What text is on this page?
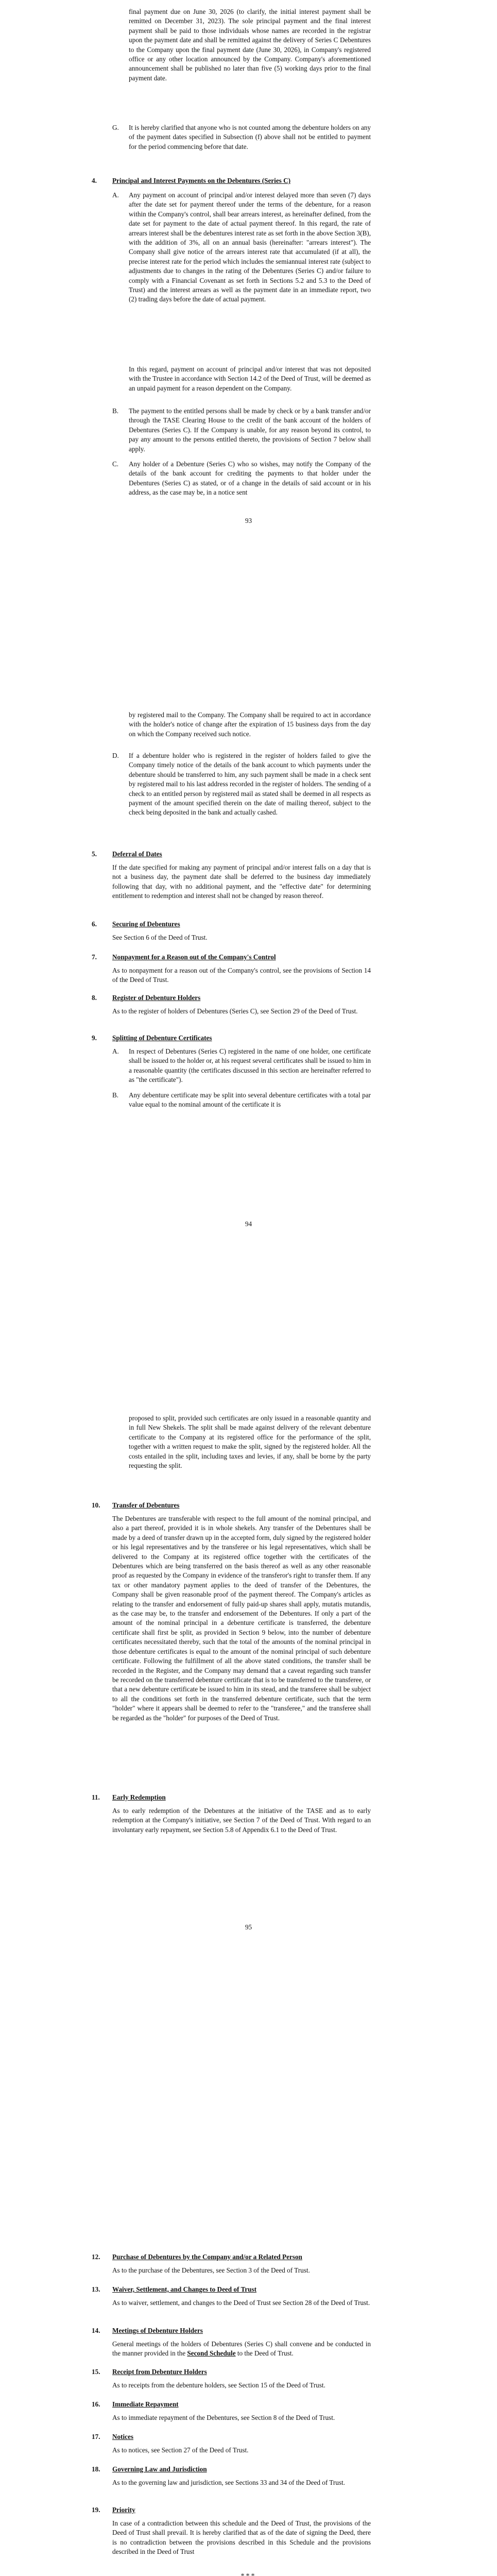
final payment due on June 30, 2026 (to clarify, the initial interest payment shall be remitted on December 31, 2023). The sole principal payment and the final interest payment shall be paid to those individuals whose names are recorded in the registrar upon the payment date and shall be remitted against the delivery of Series C Debentures to the Company upon the final payment date (June 30, 2026), in Company's registered office or any other location announced by the Company. Company's aforementioned announcement shall be published no later than five (5) working days prior to the final payment date.

G. It is hereby clarified that anyone who is not counted among the debenture holders on any of the payment dates specified in Subsection (f) above shall not be entitled to payment for the period commencing before that date.

4. Principal and Interest Payments on the Debentures (Series C)
A. Any payment on account of principal and/or interest delayed more than seven (7) days after the date set for payment thereof under the terms of the debenture, for a reason within the Company's control, shall bear arrears interest, as hereinafter defined, from the date set for payment to the date of actual payment thereof. In this regard, the rate of arrears interest shall be the debentures interest rate as set forth in the above Section 3(B), with the addition of 3%, all on an annual basis (hereinafter: "arrears interest"). The Company shall give notice of the arrears interest rate that accumulated (if at all), the precise interest rate for the period which includes the semiannual interest rate (subject to adjustments due to changes in the rating of the Debentures (Series C) and/or failure to comply with a Financial Covenant as set forth in Sections 5.2 and 5.3 to the Deed of Trust) and the interest arrears as well as the payment date in an immediate report, two (2) trading days before the date of actual payment.

In this regard, payment on account of principal and/or interest that was not deposited with the Trustee in accordance with Section 14.2 of the Deed of Trust, will be deemed as an unpaid payment for a reason dependent on the Company.

B. The payment to the entitled persons shall be made by check or by a bank transfer and/or through the TASE Clearing House to the credit of the bank account of the holders of Debentures (Series C). If the Company is unable, for any reason beyond its control, to pay any amount to the persons entitled thereto, the provisions of Section 7 below shall apply.

C. Any holder of a Debenture (Series C) who so wishes, may notify the Company of the details of the bank account for crediting the payments to that holder under the Debentures (Series C) as stated, or of a change in the details of said account or in his address, as the case may be, in a notice sent

93

by registered mail to the Company. The Company shall be required to act in accordance with the holder's notice of change after the expiration of 15 business days from the day on which the Company received such notice.

D. If a debenture holder who is registered in the register of holders failed to give the Company timely notice of the details of the bank account to which payments under the debenture should be transferred to him, any such payment shall be made in a check sent by registered mail to his last address recorded in the register of holders. The sending of a check to an entitled person by registered mail as stated shall be deemed in all respects as payment of the amount specified therein on the date of mailing thereof, subject to the check being deposited in the bank and actually cashed.

5. Deferral of Dates

If the date specified for making any payment of principal and/or interest falls on a day that is not a business day, the payment date shall be deferred to the business day immediately following that day, with no additional payment, and the "effective date" for determining entitlement to redemption and interest shall not be changed by reason thereof.

6. Securing of Debentures

See Section 6 of the Deed of Trust.

7. Nonpayment for a Reason out of the Company's Control

As to nonpayment for a reason out of the Company's control, see the provisions of Section 14 of the Deed of Trust.

8. Register of Debenture Holders

As to the register of holders of Debentures (Series C), see Section 29 of the Deed of Trust.

9. Splitting of Debenture Certificates
A. In respect of Debentures (Series C) registered in the name of one holder, one certificate shall be issued to the holder or, at his request several certificates shall be issued to him in a reasonable quantity (the certificates discussed in this section are hereinafter referred to as "the certificate").

B. Any debenture certificate may be split into several debenture certificates with a total par value equal to the nominal amount of the certificate it is

94

proposed to split, provided such certificates are only issued in a reasonable quantity and in full New Shekels. The split shall be made against delivery of the relevant debenture certificate to the Company at its registered office for the performance of the split, together with a written request to make the split, signed by the registered holder. All the costs entailed in the split, including taxes and levies, if any, shall be borne by the party requesting the split.

10. Transfer of Debentures

The Debentures are transferable with respect to the full amount of the nominal principal, and also a part thereof, provided it is in whole shekels. Any transfer of the Debentures shall be made by a deed of transfer drawn up in the accepted form, duly signed by the registered holder or his legal representatives and by the transferee or his legal representatives, which shall be delivered to the Company at its registered office together with the certificates of the Debentures which are being transferred on the basis thereof as well as any other reasonable proof as requested by the Company in evidence of the transferor's right to transfer them. If any tax or other mandatory payment applies to the deed of transfer of the Debentures, the Company shall be given reasonable proof of the payment thereof. The Company's articles as relating to the transfer and endorsement of fully paid-up shares shall apply, mutatis mutandis, as the case may be, to the transfer and endorsement of the Debentures. If only a part of the amount of the nominal principal in a debenture certificate is transferred, the debenture certificate shall first be split, as provided in Section 9 below, into the number of debenture certificates necessitated thereby, such that the total of the amounts of the nominal principal in those debenture certificates is equal to the amount of the nominal principal of such debenture certificate. Following the fulfillment of all the above stated conditions, the transfer shall be recorded in the Register, and the Company may demand that a caveat regarding such transfer be recorded on the transferred debenture certificate that is to be transferred to the transferee, or that a new debenture certificate be issued to him in its stead, and the transferee shall be subject to all the conditions set forth in the transferred debenture certificate, such that the term "holder" where it appears shall be deemed to refer to the "transferee," and the transferee shall be regarded as the "holder" for purposes of the Deed of Trust.

11. Early Redemption

As to early redemption of the Debentures at the initiative of the TASE and as to early redemption at the Company's initiative, see Section 7 of the Deed of Trust. With regard to an involuntary early repayment, see Section 5.8 of Appendix 6.1 to the Deed of Trust.

95
12. Purchase of Debentures by the Company and/or a Related Person

As to the purchase of the Debentures, see Section 3 of the Deed of Trust.

13. Waiver, Settlement, and Changes to Deed of Trust

As to waiver, settlement, and changes to the Deed of Trust see Section 28 of the Deed of Trust.

14. Meetings of Debenture Holders

General meetings of the holders of Debentures (Series C) shall convene and be conducted in the manner provided in the Second Schedule to the Deed of Trust.

15. Receipt from Debenture Holders

As to receipts from the debenture holders, see Section 15 of the Deed of Trust.

16. Immediate Repayment

As to immediate repayment of the Debentures, see Section 8 of the Deed of Trust.

17. Notices

As to notices, see Section 27 of the Deed of Trust.

18. Governing Law and Jurisdiction

As to the governing law and jurisdiction, see Sections 33 and 34 of the Deed of Trust.

19. Priority

In case of a contradiction between this schedule and the Deed of Trust, the provisions of the Deed of Trust shall prevail. It is hereby clarified that as of the date of signing the Deed, there is no contradiction between the provisions described in this Schedule and the provisions described in the Deed of Trust
